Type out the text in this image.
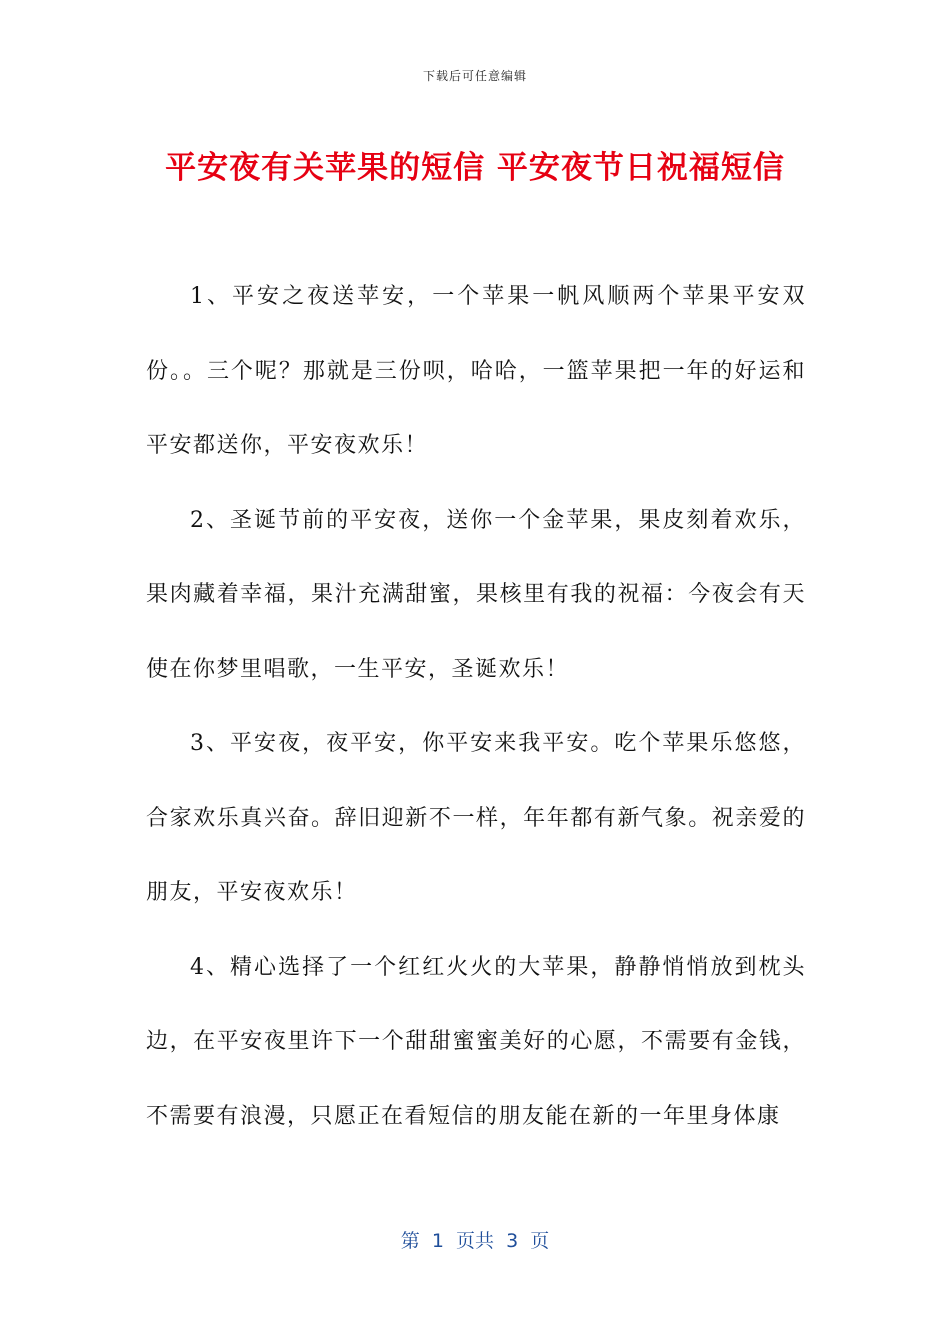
下载后可任意编辑
平安夜有关苹果的短信 平安夜节日祝福短信

1、平安之夜送苹安，一个苹果一帆风顺两个苹果平安双份。。三个呢？那就是三份呗，哈哈，一篮苹果把一年的好运和平安都送你，平安夜欢乐！

2、圣诞节前的平安夜，送你一个金苹果，果皮刻着欢乐，果肉藏着幸福，果汁充满甜蜜，果核里有我的祝福：今夜会有天使在你梦里唱歌，一生平安，圣诞欢乐！

3、平安夜，夜平安，你平安来我平安。吃个苹果乐悠悠，合家欢乐真兴奋。辞旧迎新不一样，年年都有新气象。祝亲爱的朋友，平安夜欢乐！

4、精心选择了一个红红火火的大苹果，静静悄悄放到枕头边，在平安夜里许下一个甜甜蜜蜜美好的心愿，不需要有金钱，不需要有浪漫，只愿正在看短信的朋友能在新的一年里身体康

第  1  页共  3  页
